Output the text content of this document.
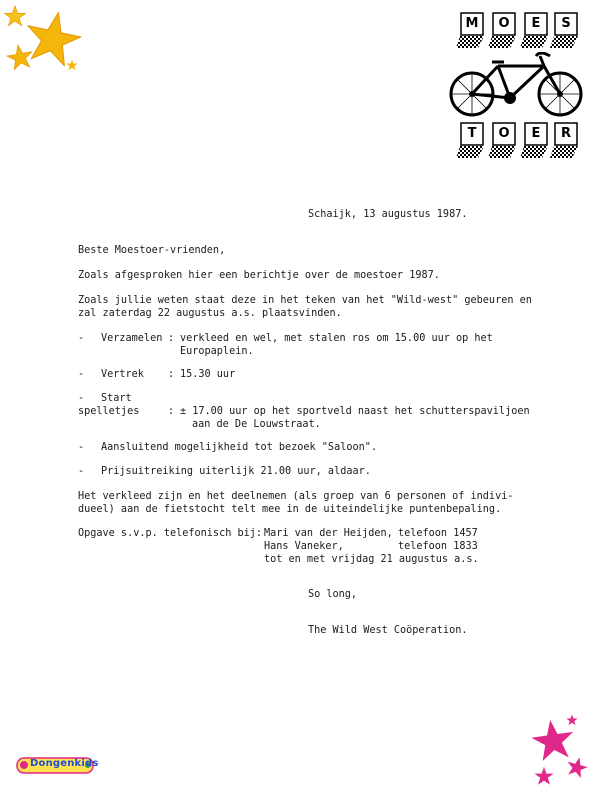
M	O	E	S
T	O	E	R
Schaijk, 13 augustus 1987.
Beste Moestoer-vrienden,
Zoals afgesproken hier een berichtje over de moestoer 1987.
Zoals jullie weten staat deze in het teken van het "Wild-west" gebeuren en
zal zaterdag 22 augustus a.s. plaatsvinden.
- Verzamelen : verkleed en wel, met stalen ros om 15.00 uur op het
Europaplein.
- Vertrek : 15.30 uur
- Start
spelletjes	: ± 17.00 uur op het sportveld naast het schutterspaviljoen
aan de De Louwstraat.
- Aansluitend mogelijkheid tot bezoek "Saloon".
- Prijsuitreiking uiterlijk 21.00 uur, aldaar.
Het verkleed zijn en het deelnemen (als groep van 6 personen of indivi-
dueel) aan de fietstocht telt mee in de uiteindelijke puntenbepaling.
Opgave s.v.p. telefonisch bij: Mari van der Heijden, telefoon 1457
Hans Vaneker,	telefoon 1833
tot en met vrijdag 21 augustus a.s.
So long,
The Wild West Coöperation.
Dongenkids
